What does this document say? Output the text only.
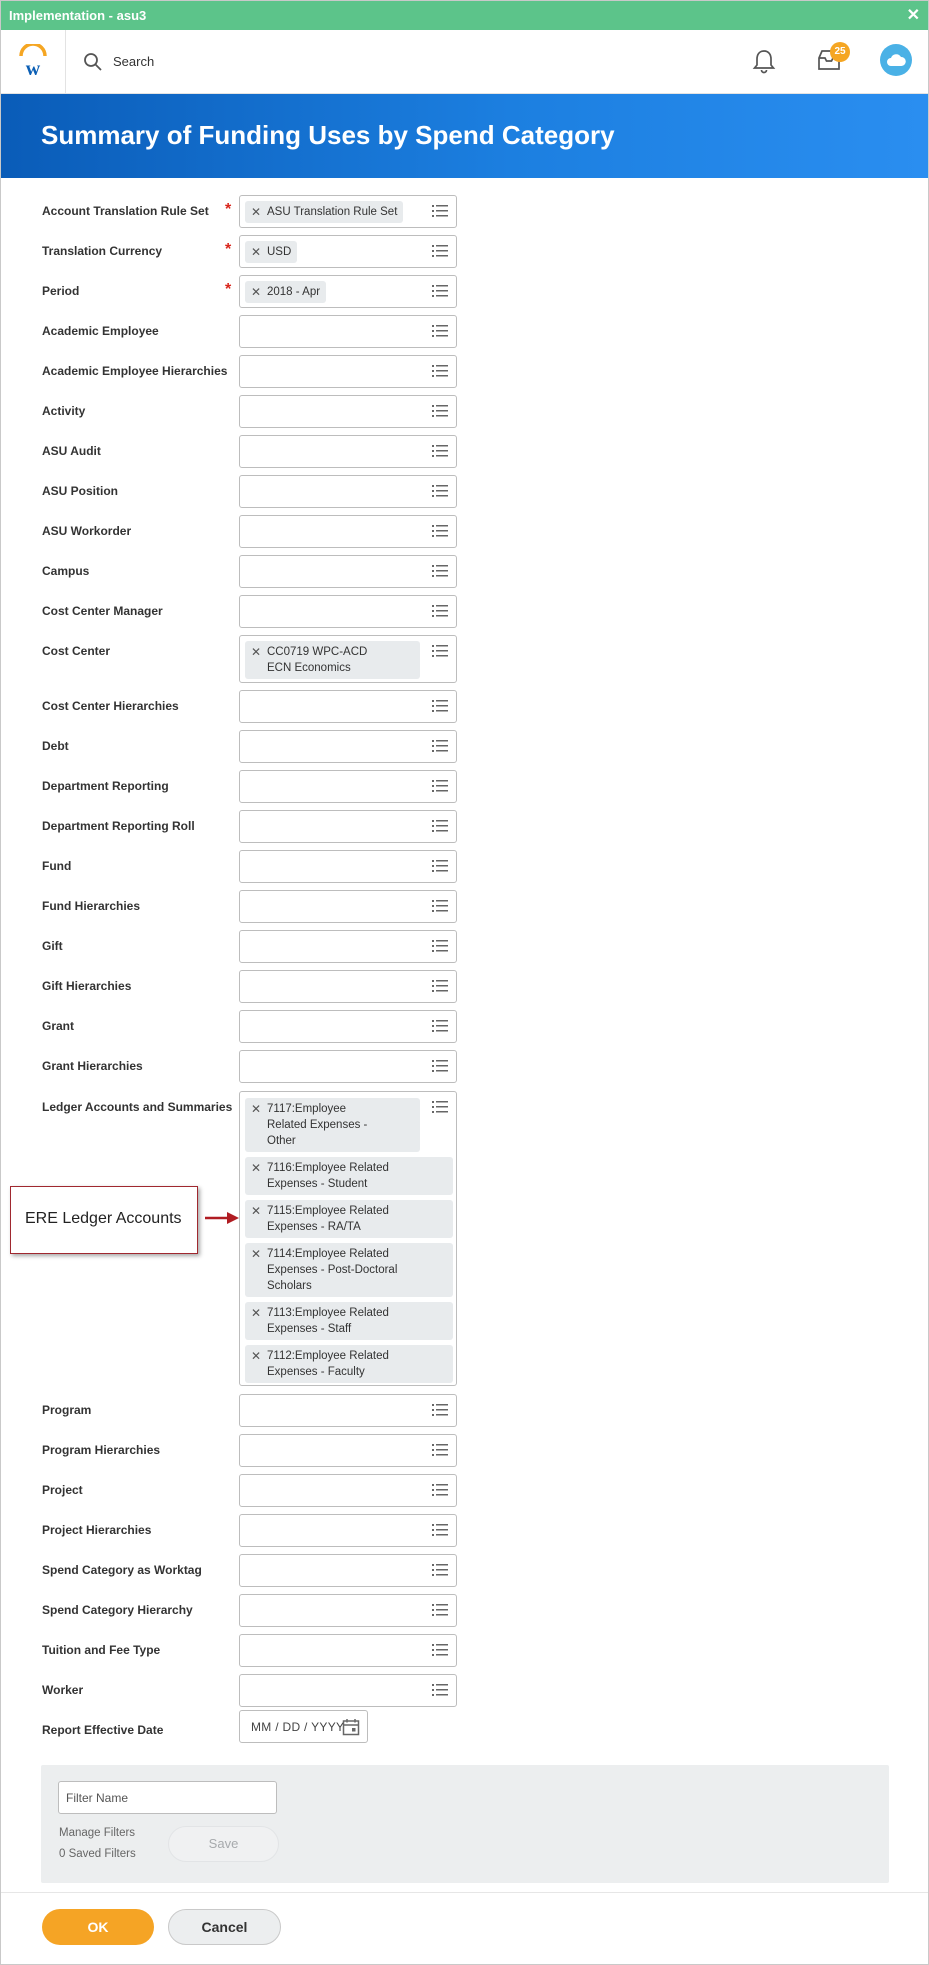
Implementation - asu3	✕
w	Search
25
Summary of Funding Uses by Spend Category
Account Translation Rule Set * ✕ ASU Translation Rule Set
Translation Currency	* ✕ USD
Period	* ✕ 2018 - Apr
Academic Employee
Academic Employee Hierarchies
Activity
ASU Audit
ASU Position
ASU Workorder
Campus
Cost Center Manager
Cost Center	✕ CC0719 WPC-ACD
ECN Economics
Cost Center Hierarchies
Debt
Department Reporting
Department Reporting Roll
Fund
Fund Hierarchies
Gift
Gift Hierarchies
Grant
Grant Hierarchies
Ledger Accounts and Summaries ✕ 7117:Employee
Related Expenses -
Other
✕ 7116:Employee Related
Expenses - Student
✕ 7115:Employee Related
Expenses - RA/TA
✕ 7114:Employee Related
Expenses - Post-Doctoral
Scholars
✕ 7113:Employee Related
Expenses - Staff
✕ 7112:Employee Related
Expenses - Faculty
ERE Ledger Accounts
Program
Program Hierarchies
Project
Project Hierarchies
Spend Category as Worktag
Spend Category Hierarchy
Tuition and Fee Type
Worker
Report Effective Date	MM / DD / YYYY
Filter Name
Manage Filters
0 Saved Filters
Save
OK	Cancel
